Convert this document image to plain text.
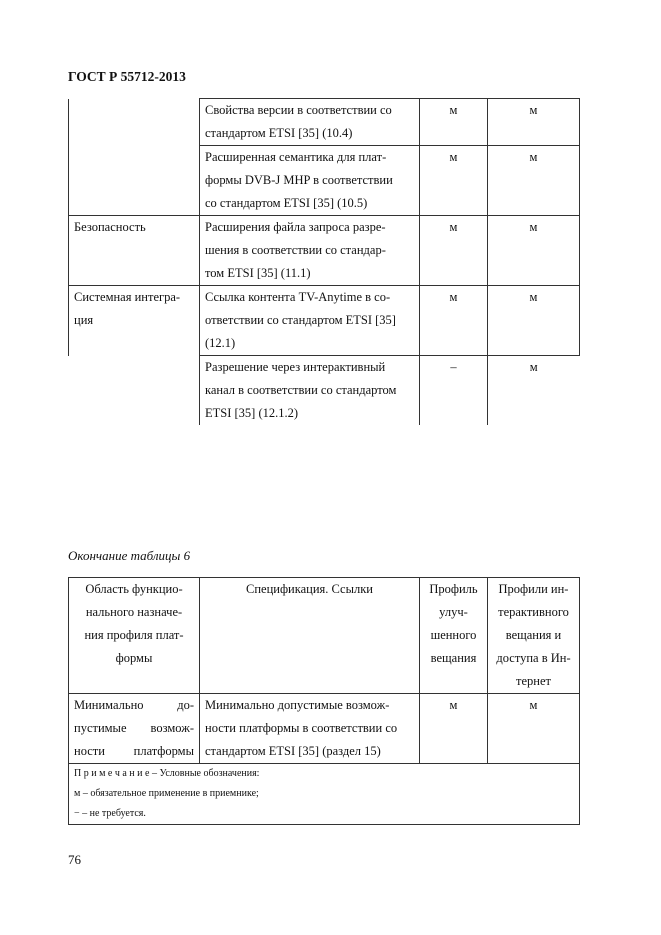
ГОСТ Р 55712-2013

	Свойства версии в соответствии со
стандартом ETSI [35] (10.4)	м	м

	Расширенная семантика для плат-
формы DVB-J MHP в соответствии
со стандартом ETSI [35] (10.5)	м	м

Безопасность	Расширения файла запроса разре-
шения в соответствии со стандар-
том ETSI [35] (11.1)	м	м

Системная интегра-
ция	Ссылка контента TV-Anytime в со-
ответствии со стандартом ETSI [35]
(12.1)	м	м

	Разрешение через интерактивный
канал в соответствии со стандартом
ETSI [35] (12.1.2)	–	м
Окончание таблицы 6
Область функцио-
нального назначе-
ния профиля плат-
формы	Спецификация. Ссылки	Профиль
улуч-
шенного
вещания	Профили ин-
терактивного
вещания и
доступа в Ин-
тернет

Минимально до-
пустимые возмож-
ности платформы	Минимально допустимые возмож-
ности платформы в соответствии со
стандартом ETSI [35] (раздел 15)	м	м

П р и м е ч а н и е – Условные обозначения:
м – обязательное применение в приемнике;
− – не требуется.			
76
